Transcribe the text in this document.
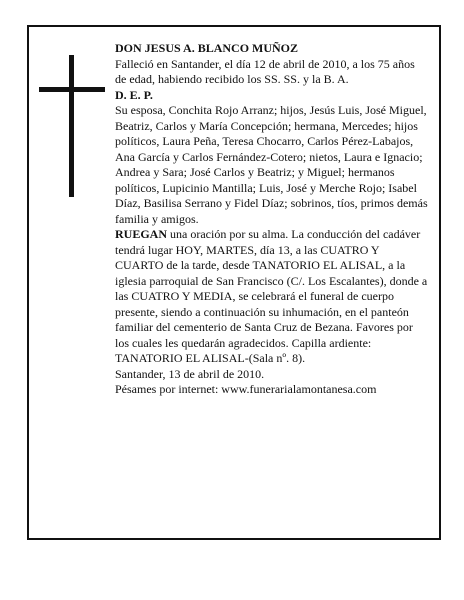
DON JESUS A. BLANCO MUÑOZ

Falleció en Santander, el día 12 de abril de 2010, a los 75 años de edad, habiendo recibido los SS. SS. y la B. A.

D. E. P.

Su esposa, Conchita Rojo Arranz; hijos, Jesús Luis, José Miguel, Beatriz, Carlos y María Concepción; hermana, Mercedes; hijos políticos, Laura Peña, Teresa Chocarro, Carlos Pérez-Labajos, Ana García y Carlos Fernández-Cotero; nietos, Laura e Ignacio; Andrea y Sara; José Carlos y Beatriz; y Miguel; hermanos políticos, Lupicinio Mantilla; Luis, José y Merche Rojo; Isabel Díaz, Basilisa Serrano y Fidel Díaz; sobrinos, tíos, primos demás familia y amigos.

RUEGAN una oración por su alma. La conducción del cadáver tendrá lugar HOY, MARTES, día 13, a las CUATRO Y CUARTO de la tarde, desde TANATORIO EL ALISAL, a la iglesia parroquial de San Francisco (C/. Los Escalantes), donde a las CUATRO Y MEDIA, se celebrará el funeral de cuerpo presente, siendo a continuación su inhumación, en el panteón familiar del cementerio de Santa Cruz de Bezana. Favores por los cuales les quedarán agradecidos. Capilla ardiente: TANATORIO EL ALISAL-(Sala nº. 8).

Santander, 13 de abril de 2010.

Pésames por internet: www.funerarialamontanesa.com
